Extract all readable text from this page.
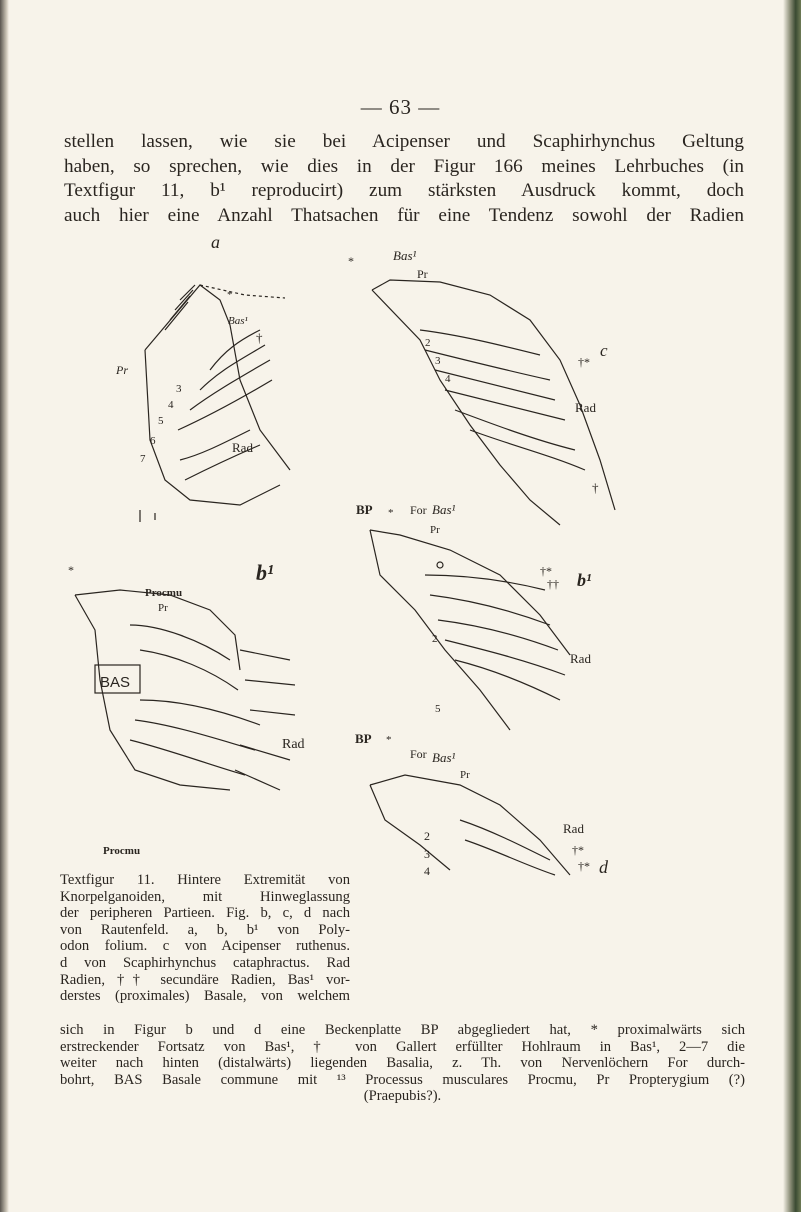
— 63 —

stellen lassen, wie sie bei Acipenser und Scaphirhynchus Geltung
haben, so sprechen, wie dies in der Figur 166 meines Lehrbuches (in
Textfigur 11, b¹ reproducirt) zum stärksten Ausdruck kommt, doch
auch hier eine Anzahl Thatsachen für eine Tendenz sowohl der Radien

a
*
Bas¹
†
Pr
3
4
5
6
7
Rad
b¹
*
Procmu
Pr
BAS
Rad
Procmu
*	Bas¹
Pr
c
2
3
4
†*
Rad
†
BP * For Bas¹
Pr
†*
†† b¹
2
5
Rad
BP *
For Bas¹
Pr
2
3
4
†*
†* d
Rad
Textfigur 11. Hintere Extremität von
Knorpelganoiden, mit Hinweglassung
der peripheren Partieen. Fig. b, c, d nach
von Rautenfeld. a, b, b¹ von Poly-
odon folium. c von Acipenser ruthenus.
d von Scaphirhynchus cataphractus. Rad
Radien, †† secundäre Radien, Bas¹ vor-
derstes (proximales) Basale, von welchem
sich in Figur b und d eine Beckenplatte BP abgegliedert hat, * proximalwärts sich
erstreckender Fortsatz von Bas¹, † von Gallert erfüllter Hohlraum in Bas¹, 2—7 die
weiter nach hinten (distalwärts) liegenden Basalia, z. Th. von Nervenlöchern For durch-
bohrt, BAS Basale commune mit ¹³ Processus musculares Procmu, Pr Propterygium (?)
(Praepubis?).
